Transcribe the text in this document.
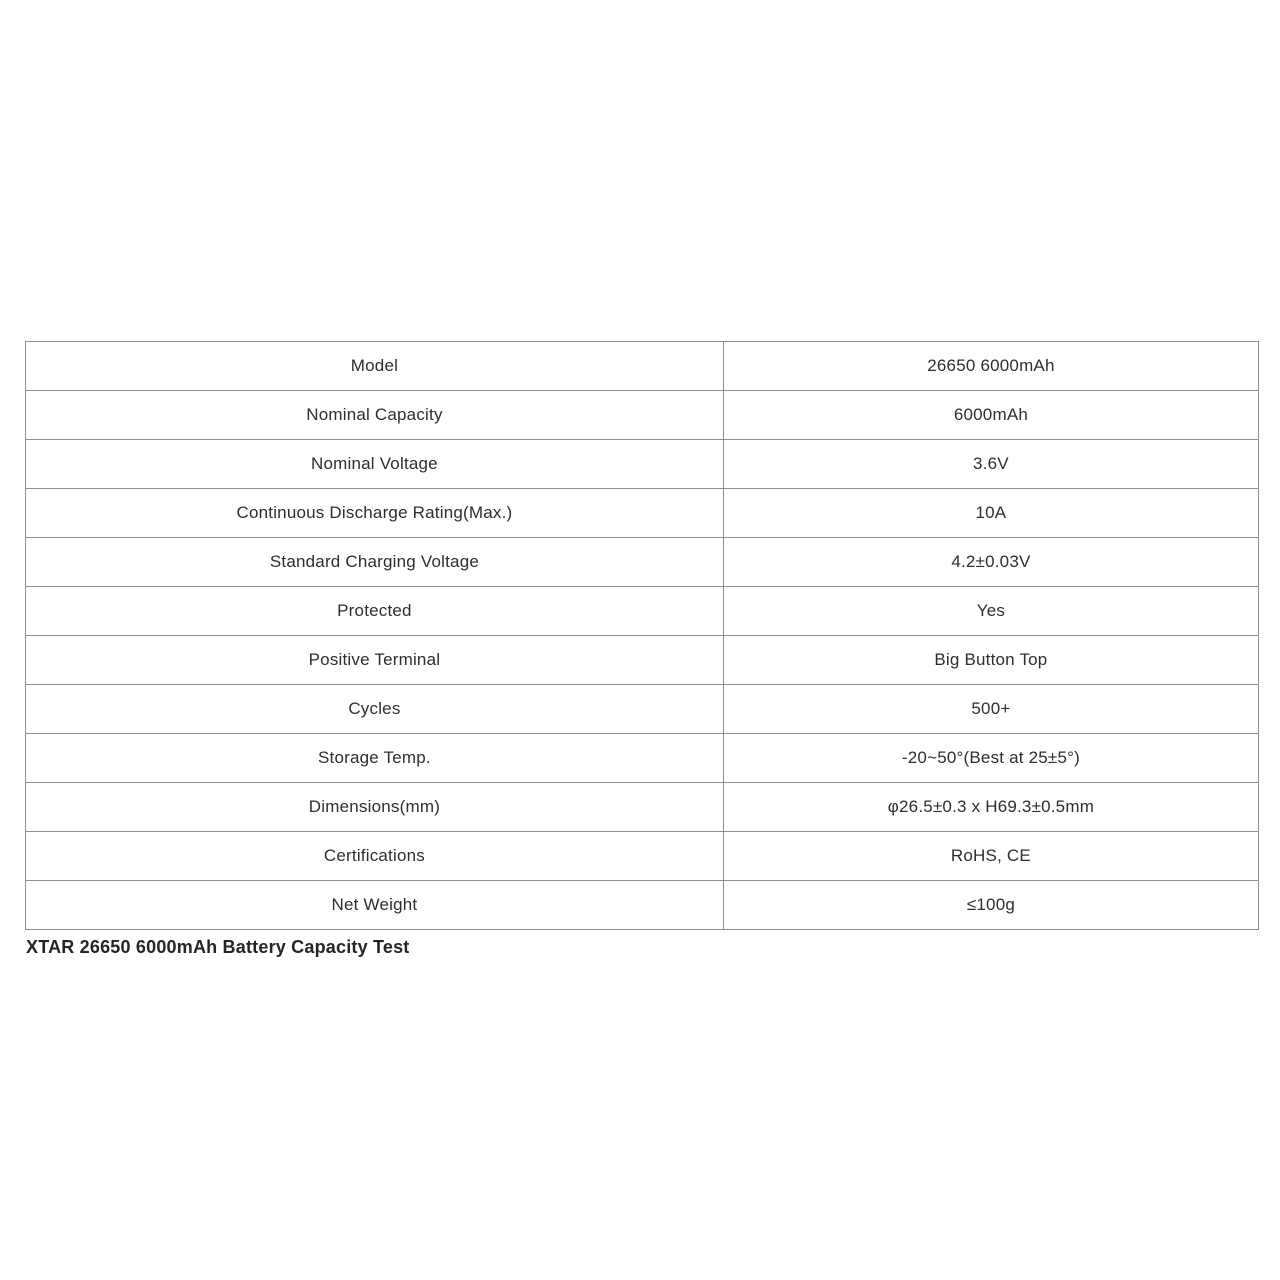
Model	26650 6000mAh
Nominal Capacity	6000mAh
Nominal Voltage	3.6V
Continuous Discharge Rating(Max.)	10A
Standard Charging Voltage	4.2±0.03V
Protected	Yes
Positive Terminal	Big Button Top
Cycles	500+
Storage Temp.	-20~50°(Best at 25±5°)
Dimensions(mm)	φ26.5±0.3 x H69.3±0.5mm
Certifications	RoHS, CE
Net Weight	≤100g
XTAR 26650 6000mAh Battery Capacity Test
